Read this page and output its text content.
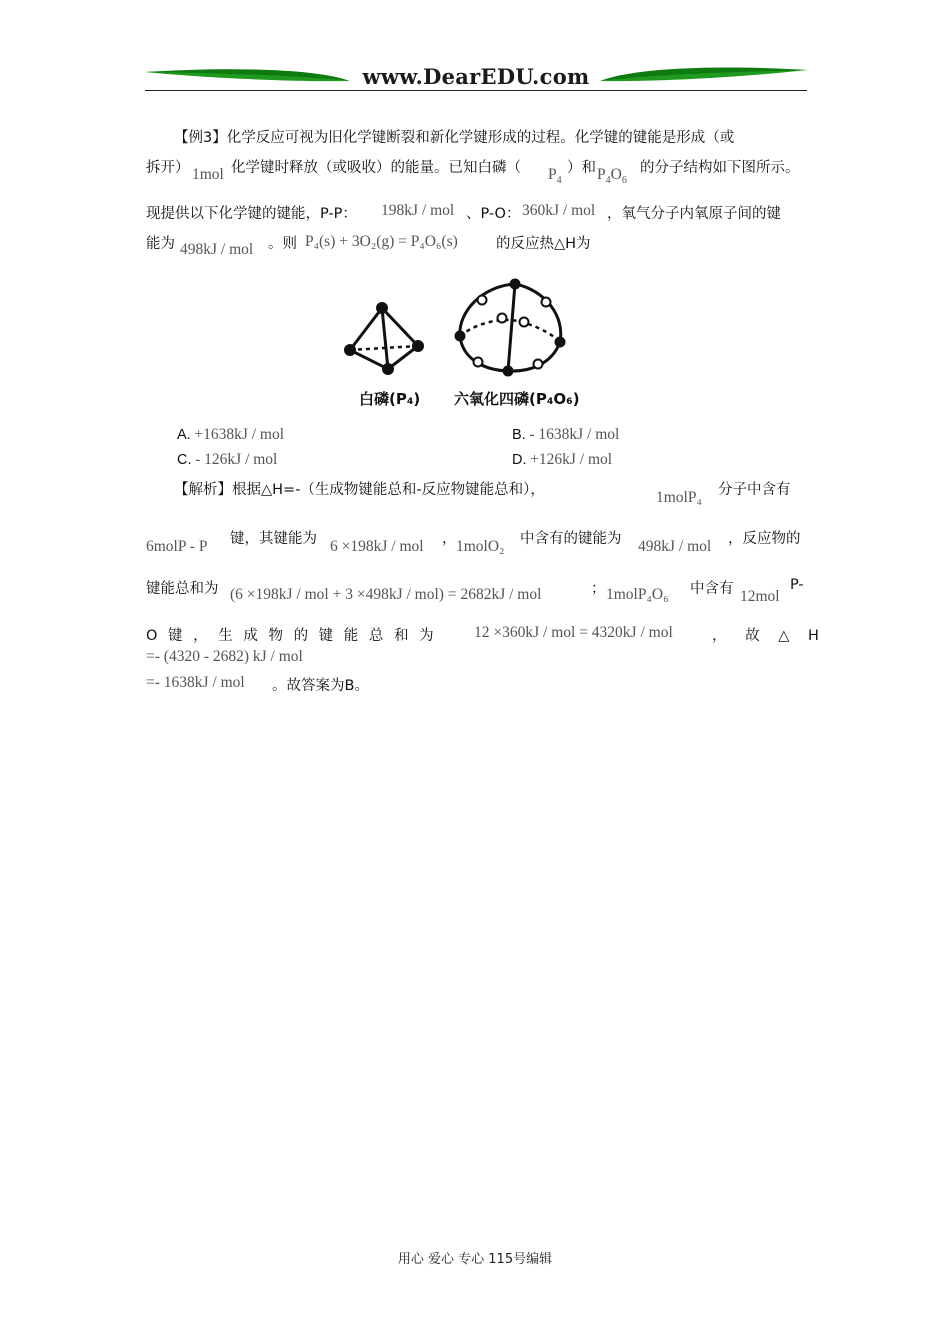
www.DearEDU.com
【例3】化学反应可视为旧化学键断裂和新化学键形成的过程。化学键的键能是形成（或
拆开） 1mol 化学键时释放（或吸收）的能量。已知白磷（ $P_4$
）和 $P_4O_6$
的分子结构如下图所示。
现提供以下化学键的键能，P-P： 198kJ / mol 、P-O： 360kJ / mol ，氧气分子内氧原子间的键
能为 498kJ / mol 。则 P₄(s) + 3O₂(g) = P₄O₆(s)	的反应热△H为
白磷(P₄) 六氧化四磷(P₄O₆)
A. +1638kJ / mol	B. - 1638kJ / mol
C. - 126kJ / mol	D. +126kJ / mol
【解析】根据△H=-（生成物键能总和-反应物键能总和），	1molP₄ 分子中含有
6molP - P 键，其键能为 6 ×198kJ / mol ， 1molO₂ 中含有的键能为 498kJ / mol ，反应物的
键能总和为 (6 ×198kJ / mol + 3 ×498kJ / mol) = 2682kJ / mol	； 1molP₄O₆ 中含有 12mol
P-
O 键 ， 生 成 物 的 键 能 总 和 为	12 ×360kJ / mol = 4320kJ / mol	， 故 △ H
=- (4320 - 2682) kJ / mol
=- 1638kJ / mol 。故答案为B。
用心 爱心 专心 115号编辑
